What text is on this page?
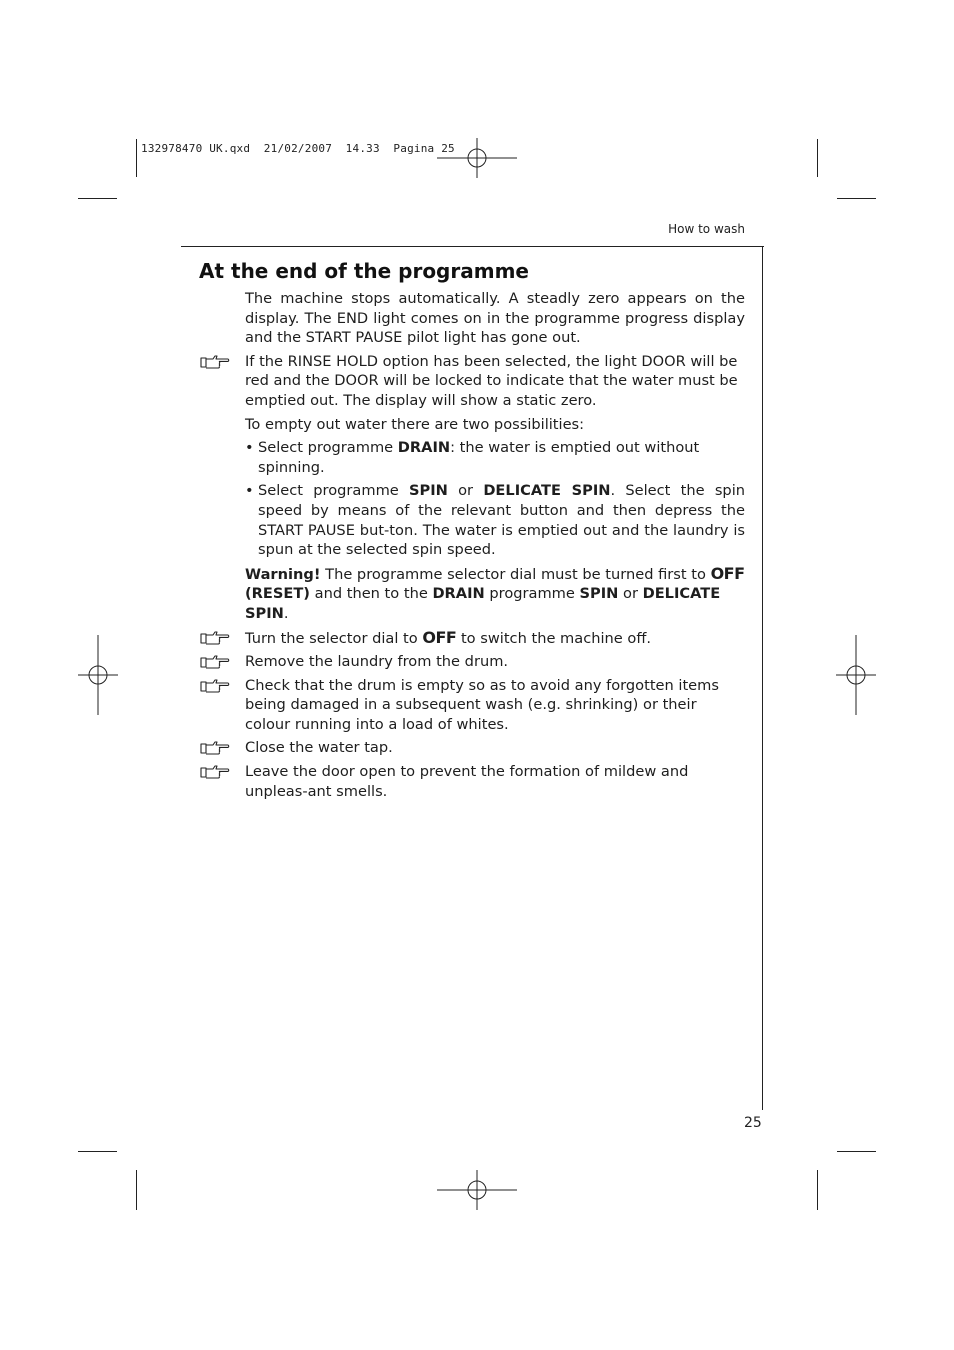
132978470 UK.qxd  21/02/2007  14.33  Pagina 25
How to wash
25
At the end of the programme

The machine stops automatically. A steadly zero appears on the display. The END light comes on in the programme progress display and the START PAUSE pilot light has gone out.

If the RINSE HOLD option has been selected, the light DOOR will be red and the DOOR will be locked to indicate that the water must be emptied out. The display will show a static zero.

To empty out water there are two possibilities:

• Select programme DRAIN: the water is emptied out without spinning.

• Select programme SPIN or DELICATE SPIN. Select the spin speed by means of the relevant button and then depress the START PAUSE but-ton. The water is emptied out and the laundry is spun at the selected spin speed.

Warning! The programme selector dial must be turned first to OFF (RESET) and then to the DRAIN programme SPIN or DELICATE SPIN.

Turn the selector dial to OFF to switch the machine off.

Remove the laundry from the drum.

Check that the drum is empty so as to avoid any forgotten items being damaged in a subsequent wash (e.g. shrinking) or their colour running into a load of whites.

Close the water tap.

Leave the door open to prevent the formation of mildew and unpleas-ant smells.
